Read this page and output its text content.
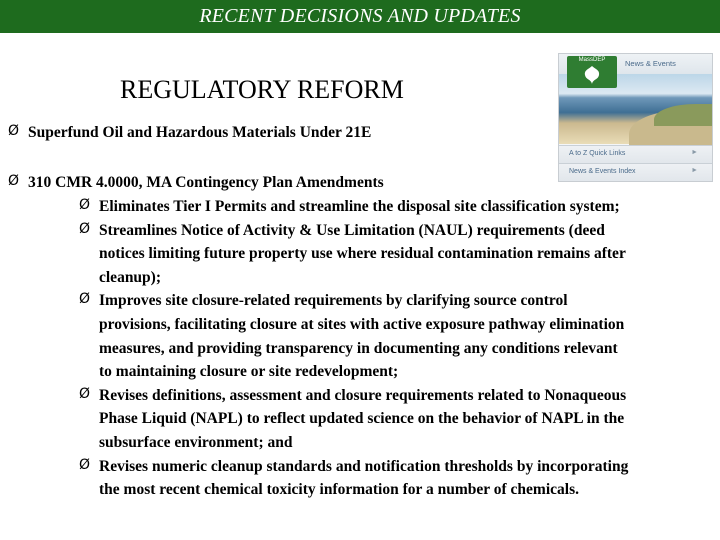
RECENT DECISIONS AND UPDATES
REGULATORY REFORM
News & Events
MassDEP
A to Z Quick Links	►
News & Events Index	►
Ø Superfund Oil and Hazardous Materials Under 21E
Ø 310 CMR 4.0000, MA Contingency Plan Amendments
Ø Eliminates Tier I Permits and streamline the disposal site classification system;
Ø Streamlines Notice of Activity & Use Limitation (NAUL) requirements (deed
notices limiting future property use where residual contamination remains after
cleanup);
Ø Improves site closure-related requirements by clarifying source control
provisions, facilitating closure at sites with active exposure pathway elimination
measures, and providing transparency in documenting any conditions relevant
to maintaining closure or site redevelopment;
Ø Revises definitions, assessment and closure requirements related to Nonaqueous
Phase Liquid (NAPL) to reflect updated science on the behavior of NAPL in the
subsurface environment; and
Ø Revises numeric cleanup standards and notification thresholds by incorporating
the most recent chemical toxicity information for a number of chemicals.
